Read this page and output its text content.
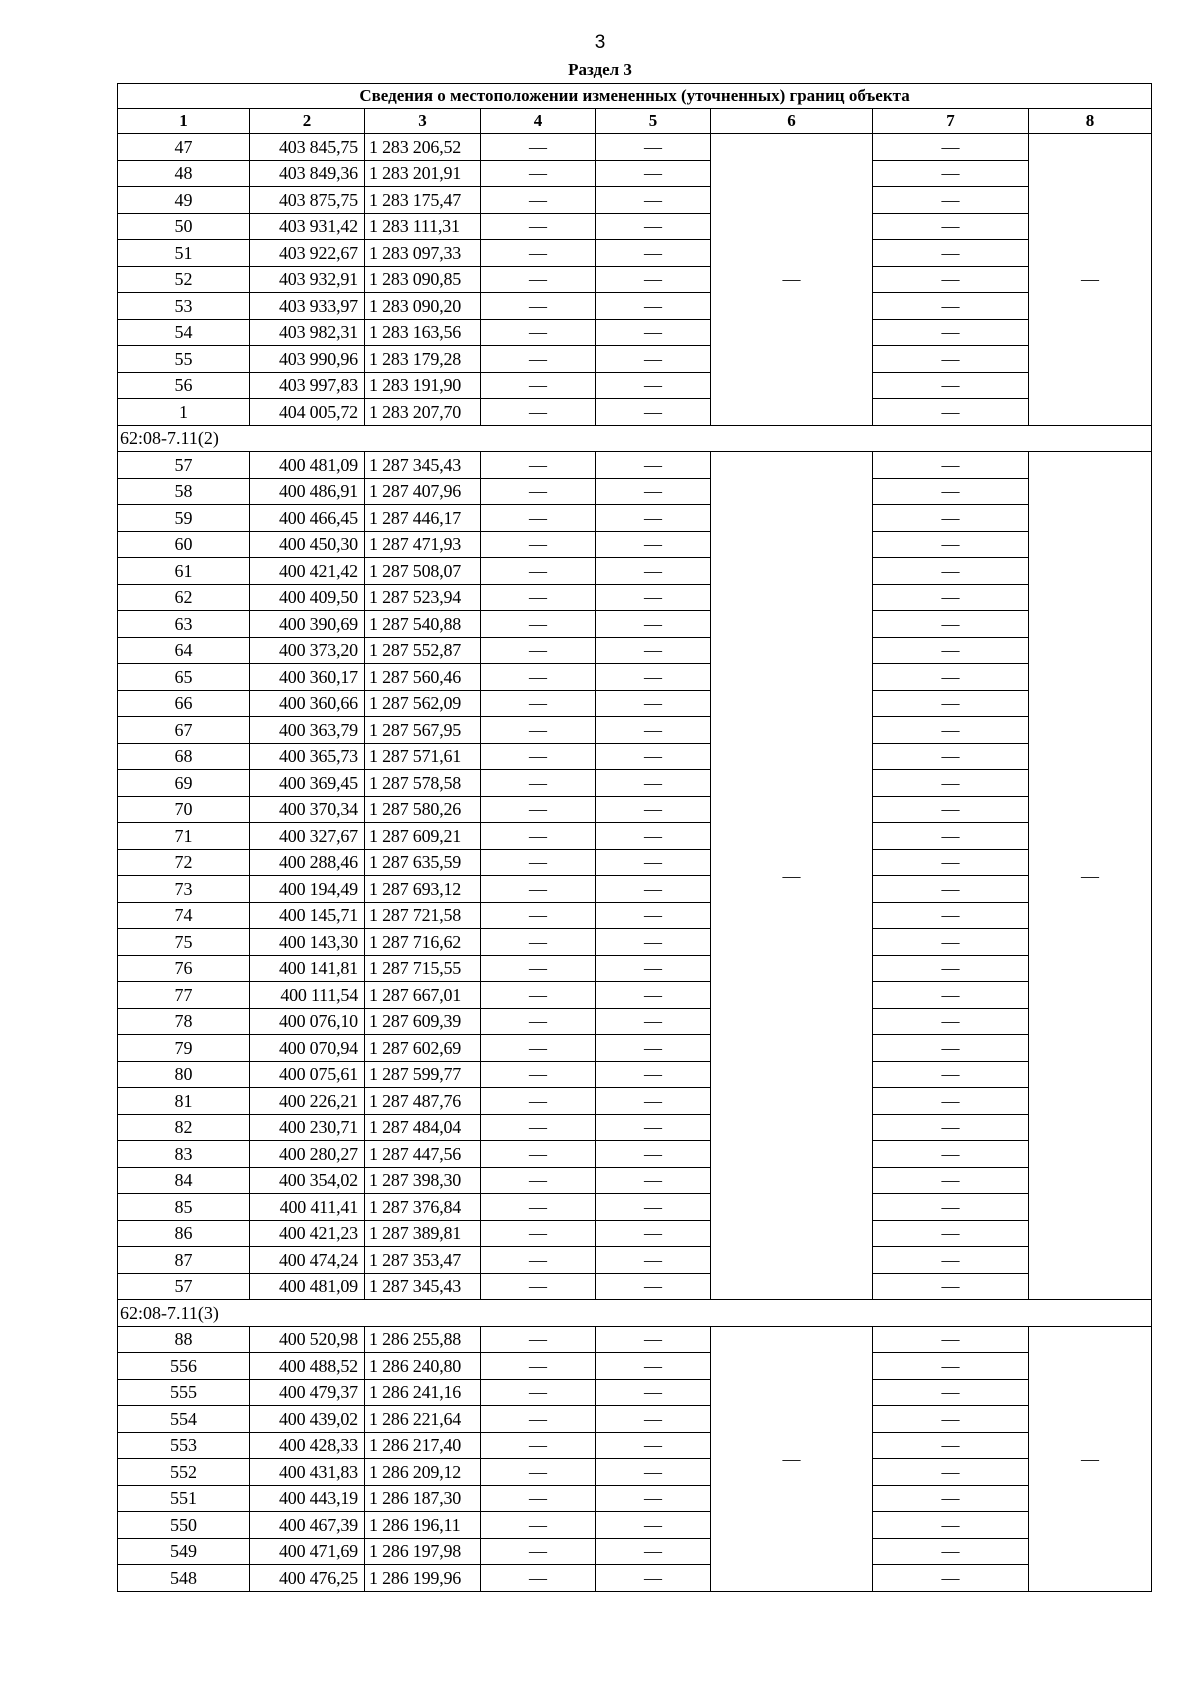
3
Раздел 3
Сведения о местоположении измененных (уточненных) границ объекта							
1	2	3	4	5	6	7	8
47	403 845,75	1 283 206,52	—	—	—	—	—
48	403 849,36	1 283 201,91	—	—		—	
49	403 875,75	1 283 175,47	—	—		—	
50	403 931,42	1 283 111,31	—	—		—	
51	403 922,67	1 283 097,33	—	—		—	
52	403 932,91	1 283 090,85	—	—		—	
53	403 933,97	1 283 090,20	—	—		—	
54	403 982,31	1 283 163,56	—	—		—	
55	403 990,96	1 283 179,28	—	—		—	
56	403 997,83	1 283 191,90	—	—		—	
1	404 005,72	1 283 207,70	—	—		—	
62:08-7.11(2)							
57	400 481,09	1 287 345,43	—	—	—	—	—
58	400 486,91	1 287 407,96	—	—		—	
59	400 466,45	1 287 446,17	—	—		—	
60	400 450,30	1 287 471,93	—	—		—	
61	400 421,42	1 287 508,07	—	—		—	
62	400 409,50	1 287 523,94	—	—		—	
63	400 390,69	1 287 540,88	—	—		—	
64	400 373,20	1 287 552,87	—	—		—	
65	400 360,17	1 287 560,46	—	—		—	
66	400 360,66	1 287 562,09	—	—		—	
67	400 363,79	1 287 567,95	—	—		—	
68	400 365,73	1 287 571,61	—	—		—	
69	400 369,45	1 287 578,58	—	—		—	
70	400 370,34	1 287 580,26	—	—		—	
71	400 327,67	1 287 609,21	—	—		—	
72	400 288,46	1 287 635,59	—	—		—	
73	400 194,49	1 287 693,12	—	—		—	
74	400 145,71	1 287 721,58	—	—		—	
75	400 143,30	1 287 716,62	—	—		—	
76	400 141,81	1 287 715,55	—	—		—	
77	400 111,54	1 287 667,01	—	—		—	
78	400 076,10	1 287 609,39	—	—		—	
79	400 070,94	1 287 602,69	—	—		—	
80	400 075,61	1 287 599,77	—	—		—	
81	400 226,21	1 287 487,76	—	—		—	
82	400 230,71	1 287 484,04	—	—		—	
83	400 280,27	1 287 447,56	—	—		—	
84	400 354,02	1 287 398,30	—	—		—	
85	400 411,41	1 287 376,84	—	—		—	
86	400 421,23	1 287 389,81	—	—		—	
87	400 474,24	1 287 353,47	—	—		—	
57	400 481,09	1 287 345,43	—	—		—	
62:08-7.11(3)							
88	400 520,98	1 286 255,88	—	—	—	—	—
556	400 488,52	1 286 240,80	—	—		—	
555	400 479,37	1 286 241,16	—	—		—	
554	400 439,02	1 286 221,64	—	—		—	
553	400 428,33	1 286 217,40	—	—		—	
552	400 431,83	1 286 209,12	—	—		—	
551	400 443,19	1 286 187,30	—	—		—	
550	400 467,39	1 286 196,11	—	—		—	
549	400 471,69	1 286 197,98	—	—		—	
548	400 476,25	1 286 199,96	—	—		—	
